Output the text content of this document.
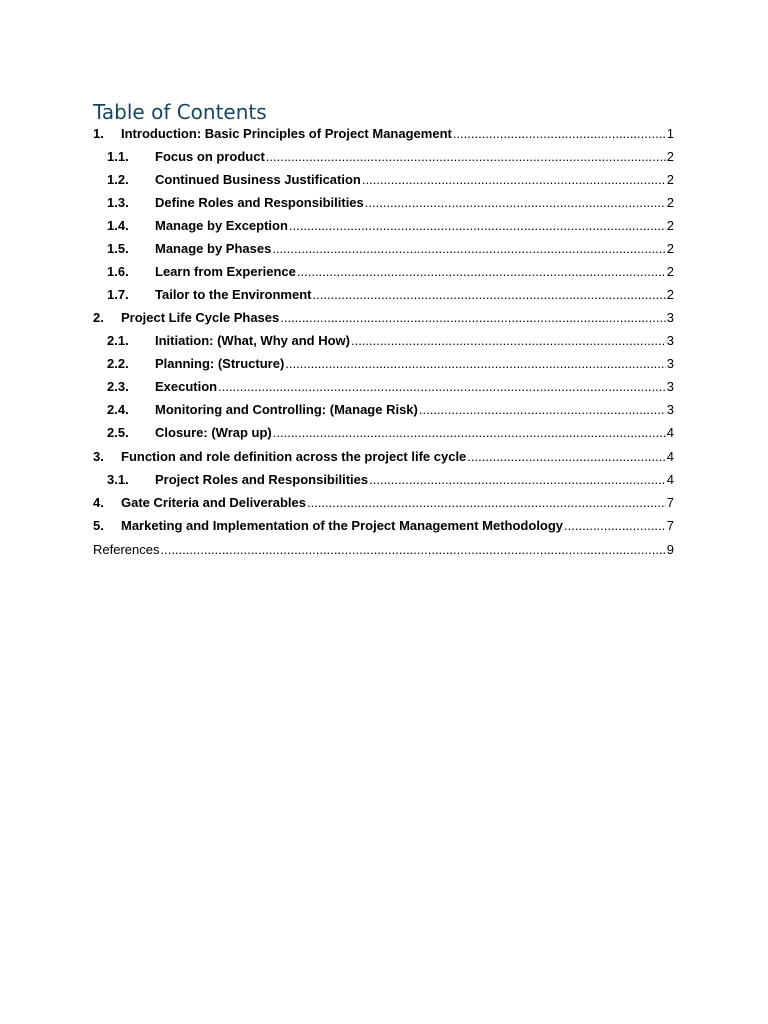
Table of Contents
1.	Introduction: Basic Principles of Project Management .....	1
1.1.	Focus on product .....	2
1.2.	Continued Business Justification .....	2
1.3.	Define Roles and Responsibilities .....	2
1.4.	Manage by Exception .....	2
1.5.	Manage by Phases .....	2
1.6.	Learn from Experience .....	2
1.7.	Tailor to the Environment .....	2
2.	Project Life Cycle Phases .....	3
2.1.	Initiation: (What, Why and How) .....	3
2.2.	Planning: (Structure) .....	3
2.3.	Execution .....	3
2.4.	Monitoring and Controlling: (Manage Risk) .....	3
2.5.	Closure: (Wrap up) .....	4
3.	Function and role definition across the project life cycle .....	4
3.1.	Project Roles and Responsibilities .....	4
4.	Gate Criteria and Deliverables .....	7
5.	Marketing and Implementation of the Project Management Methodology .....	7
References .....	9
